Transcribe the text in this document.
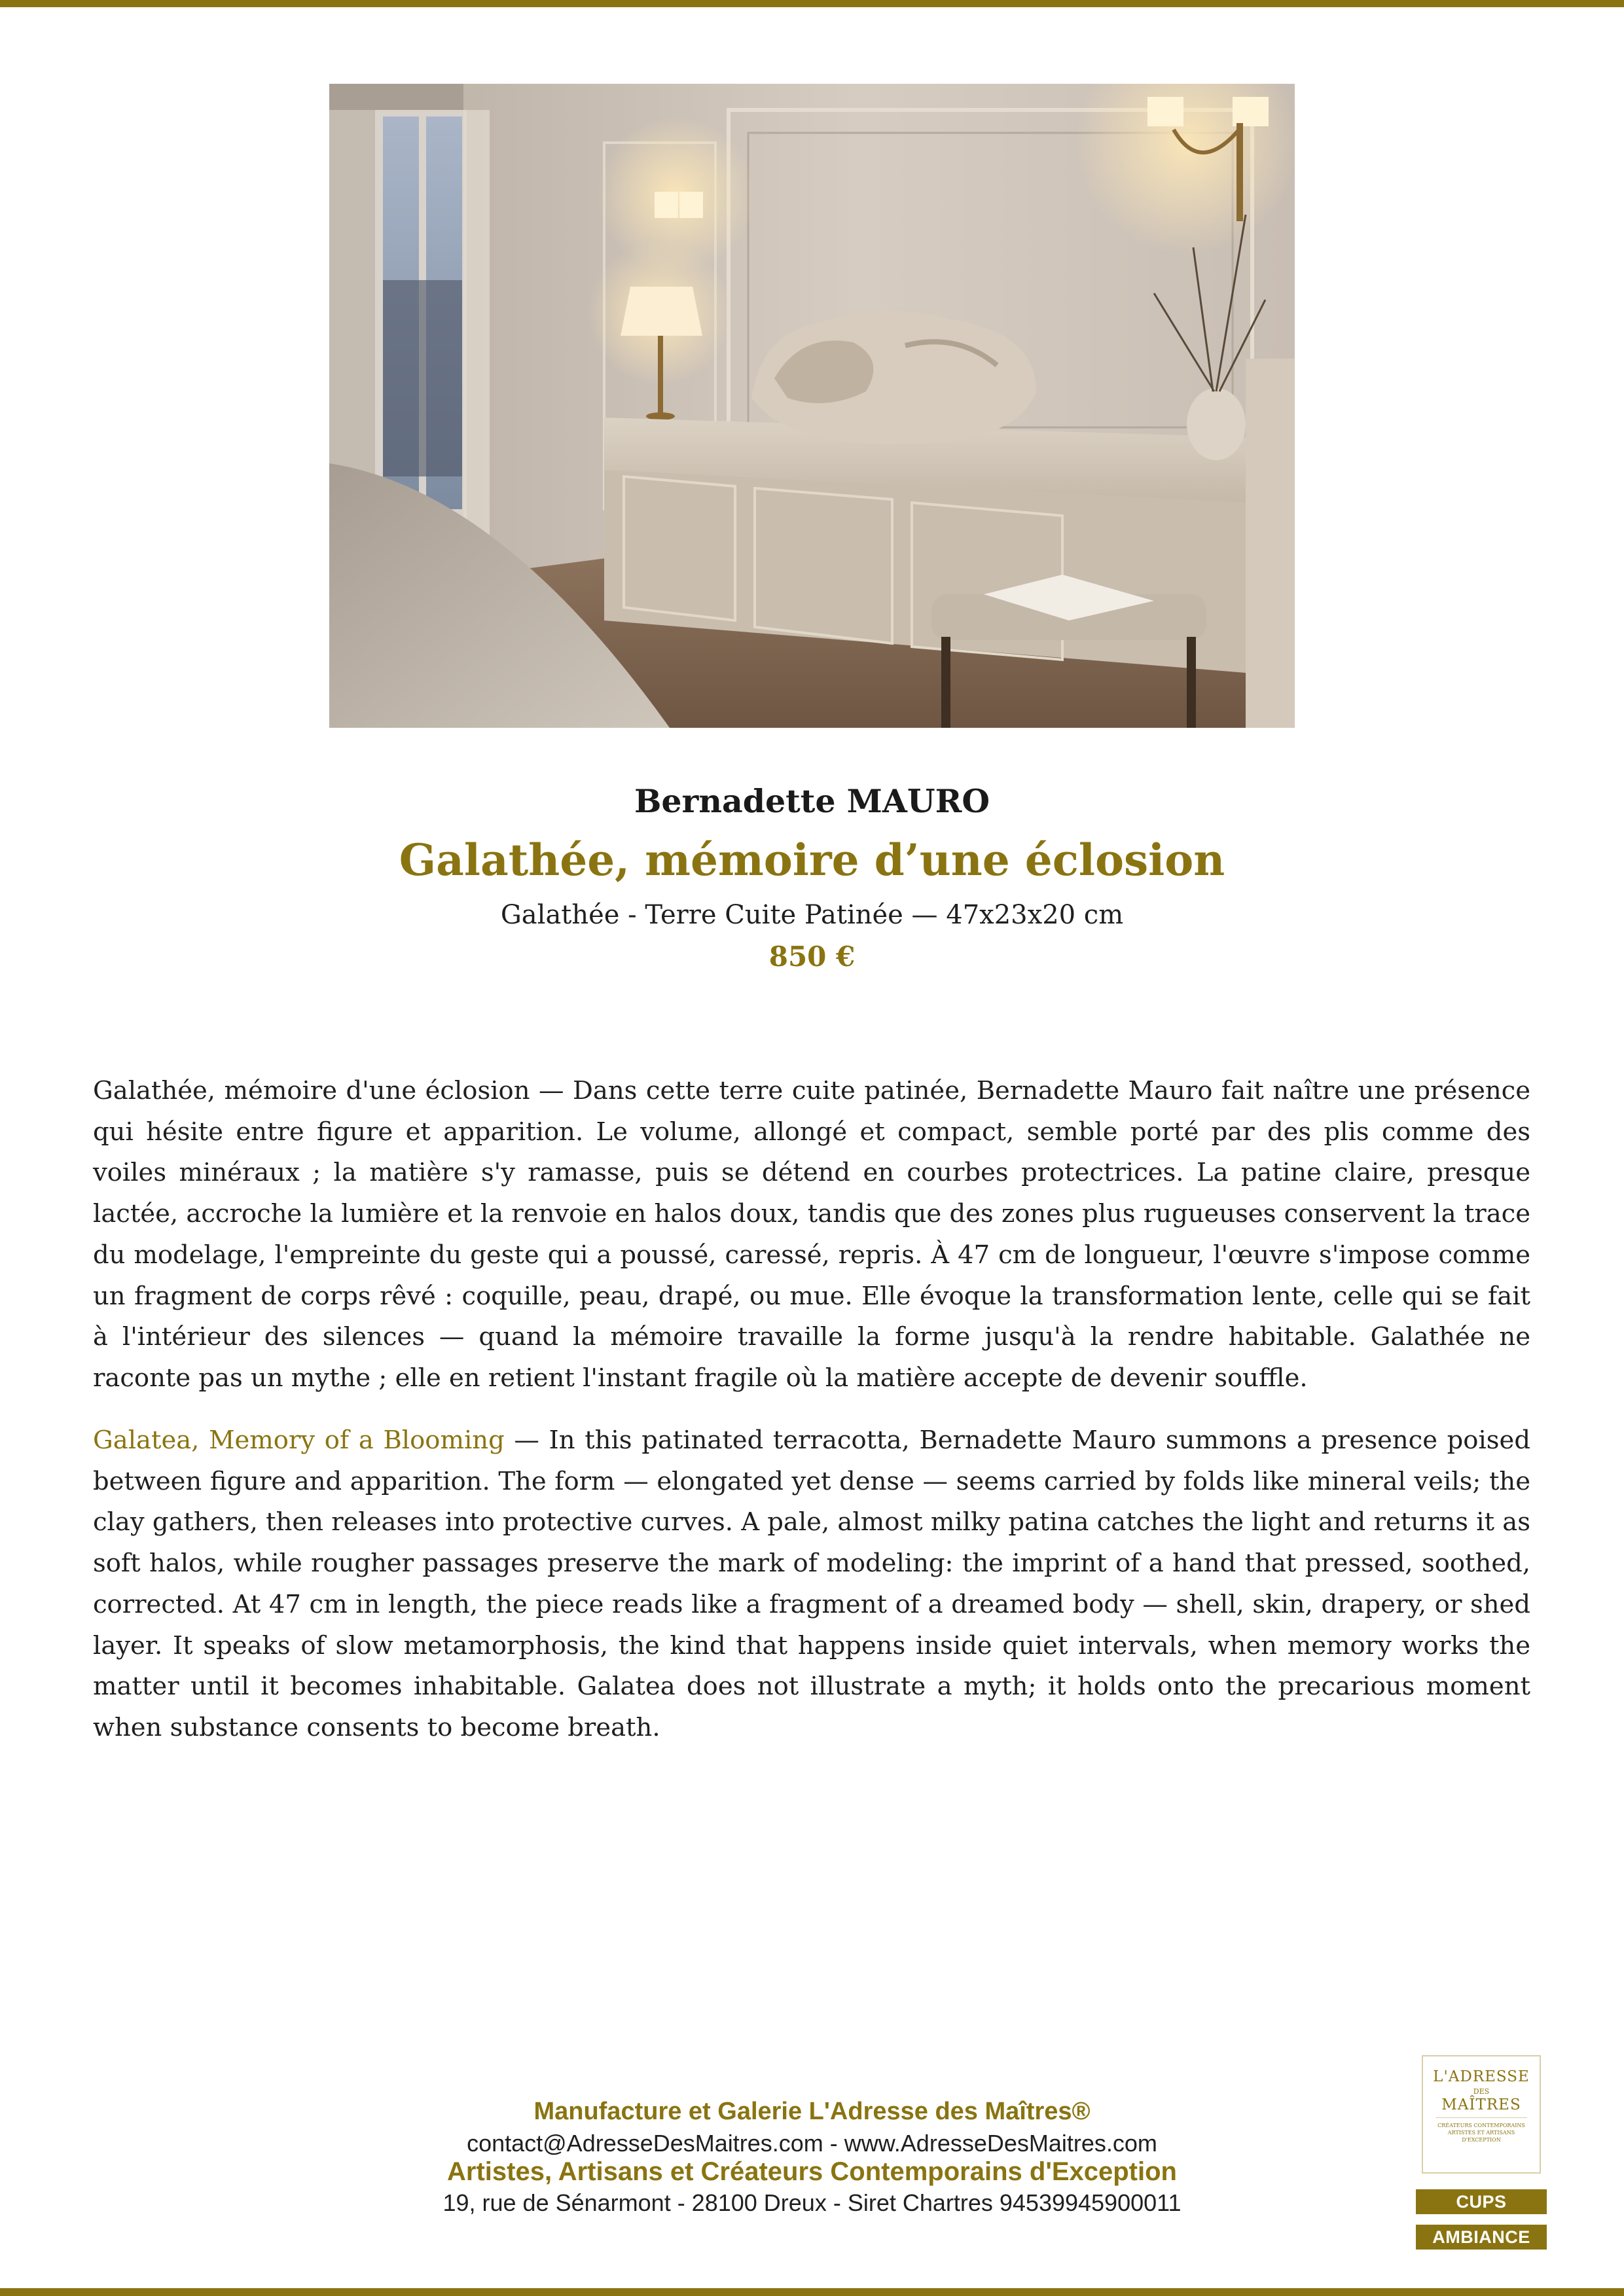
Bernadette MAURO
Galathée, mémoire d’une éclosion
Galathée - Terre Cuite Patinée — 47x23x20 cm
850 €

Galathée, mémoire d'une éclosion — Dans cette terre cuite patinée, Bernadette Mauro fait naître une présence qui hésite entre figure et apparition. Le volume, allongé et compact, semble porté par des plis comme des voiles minéraux ; la matière s'y ramasse, puis se détend en courbes protectrices. La patine claire, presque lactée, accroche la lumière et la renvoie en halos doux, tandis que des zones plus rugueuses conservent la trace du modelage, l'empreinte du geste qui a poussé, caressé, repris. À 47 cm de longueur, l'œuvre s'impose comme un fragment de corps rêvé : coquille, peau, drapé, ou mue. Elle évoque la transformation lente, celle qui se fait à l'intérieur des silences — quand la mémoire travaille la forme jusqu'à la rendre habitable. Galathée ne raconte pas un mythe ; elle en retient l'instant fragile où la matière accepte de devenir souffle.

Galatea, Memory of a Blooming — In this patinated terracotta, Bernadette Mauro summons a presence poised between figure and apparition. The form — elongated yet dense — seems carried by folds like mineral veils; the clay gathers, then releases into protective curves. A pale, almost milky patina catches the light and returns it as soft halos, while rougher passages preserve the mark of modeling: the imprint of a hand that pressed, soothed, corrected. At 47 cm in length, the piece reads like a fragment of a dreamed body — shell, skin, drapery, or shed layer. It speaks of slow metamorphosis, the kind that happens inside quiet intervals, when memory works the matter until it becomes inhabitable. Galatea does not illustrate a myth; it holds onto the precarious moment when substance consents to become breath.

Manufacture et Galerie L'Adresse des Maîtres®
contact@AdresseDesMaitres.com - www.AdresseDesMaitres.com
Artistes, Artisans et Créateurs Contemporains d'Exception
19, rue de Sénarmont - 28100 Dreux - Siret Chartres 94539945900011
L'ADRESSE
DES
MAÎTRES
CRÉATEURS CONTEMPORAINS ARTISTES ET ARTISANS D'EXCEPTION
CUPS
AMBIANCE
